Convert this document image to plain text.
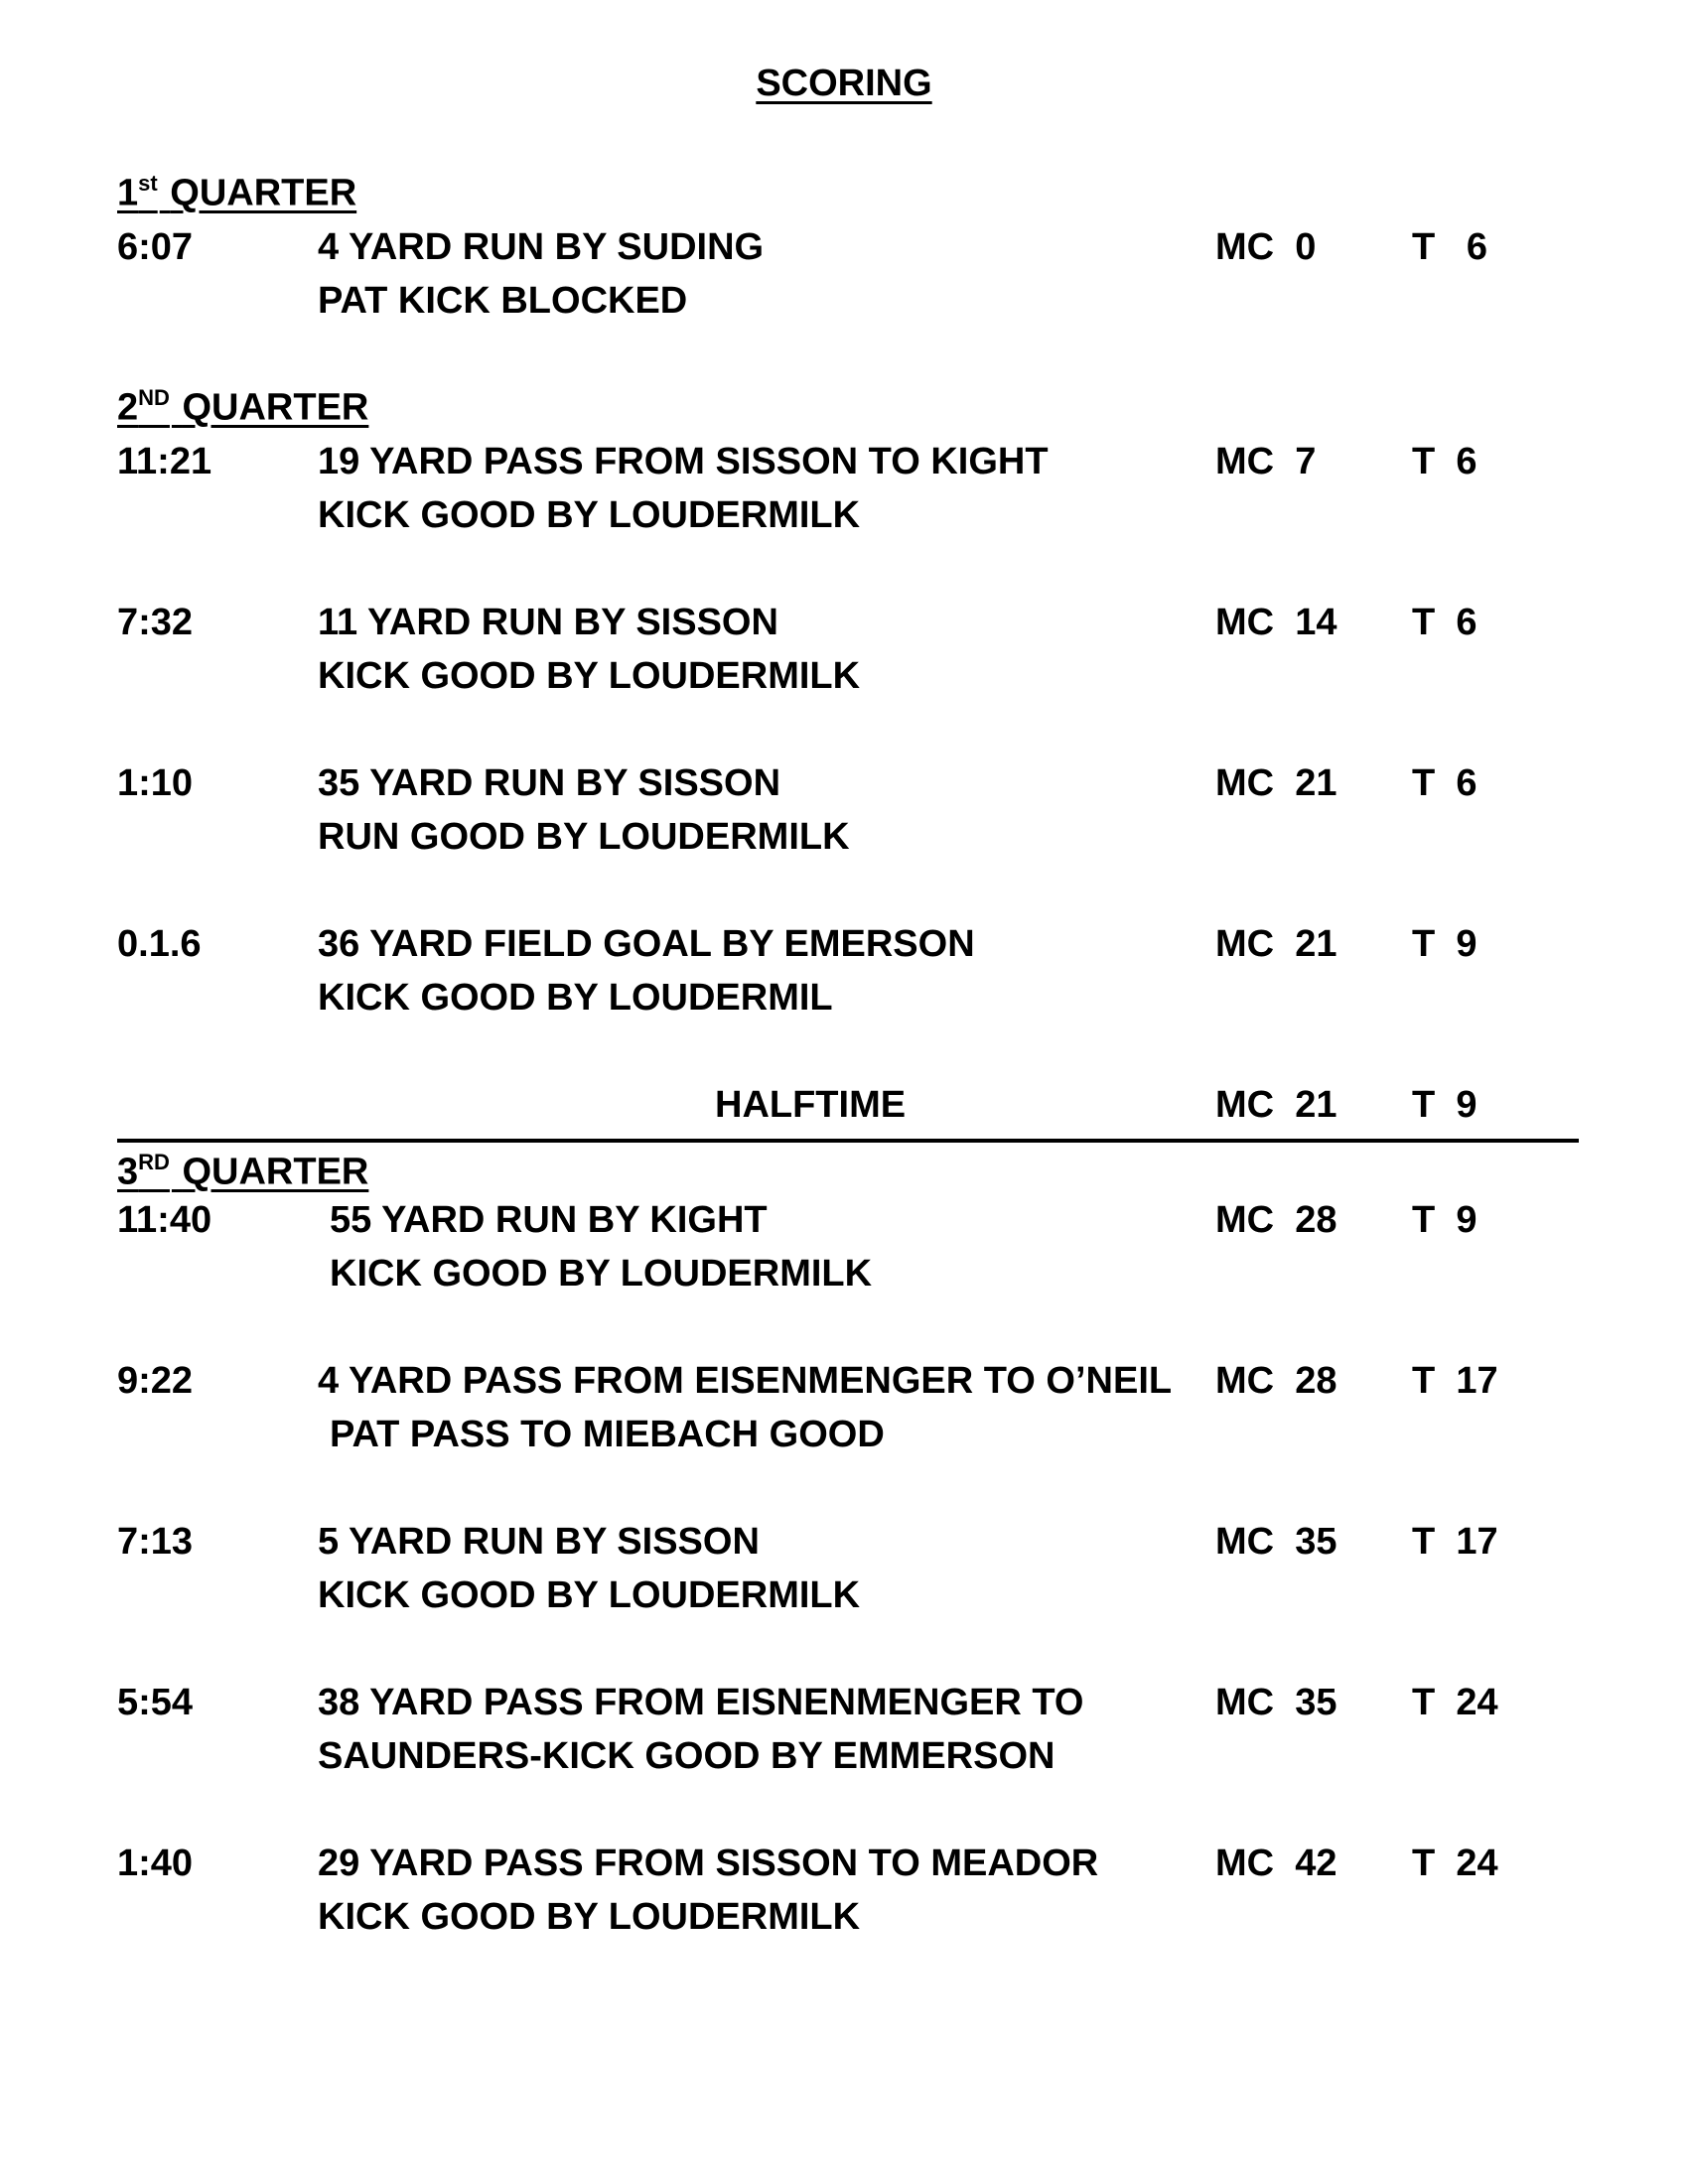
SCORING
1st QUARTER
6:07	4 YARD RUN BY SUDING
PAT KICK BLOCKED
MC  0	T   6
2ND QUARTER
11:21	19 YARD PASS FROM SISSON TO KIGHT
KICK GOOD BY LOUDERMILK
MC  7	T  6
7:32	11 YARD RUN BY SISSON
KICK GOOD BY LOUDERMILK
MC  14 T  6
1:10	35 YARD RUN BY SISSON
RUN GOOD BY LOUDERMILK
MC  21 T  6
0.1.6	36 YARD FIELD GOAL BY EMERSON
KICK GOOD BY LOUDERMIL
MC  21 T  9
HALFTIME	MC  21 T  9
3RD QUARTER
11:40	55 YARD RUN BY KIGHT
KICK GOOD BY LOUDERMILK
MC  28 T  9
9:22	4 YARD PASS FROM EISENMENGER TO O’NEIL
PAT PASS TO MIEBACH GOOD
MC  28 T  17
7:13	5 YARD RUN BY SISSON
KICK GOOD BY LOUDERMILK
MC  35 T  17
5:54	38 YARD PASS FROM EISNENMENGER TO
SAUNDERS-KICK GOOD BY EMMERSON
MC  35 T  24
1:40	29 YARD PASS FROM SISSON TO MEADOR
KICK GOOD BY LOUDERMILK
MC  42 T  24
